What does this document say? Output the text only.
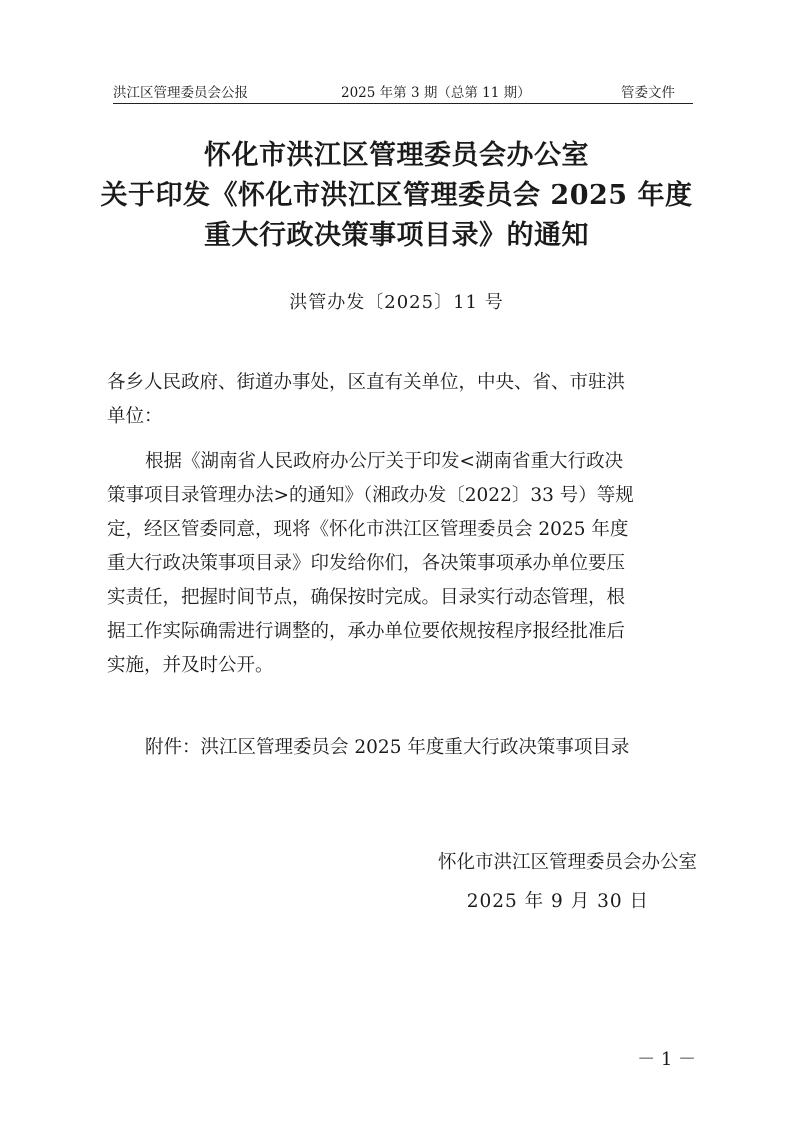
洪江区管理委员会公报	2025 年第 3 期（总第 11 期）	管委文件
怀化市洪江区管理委员会办公室
关于印发《怀化市洪江区管理委员会 2025 年度
重大行政决策事项目录》的通知
洪管办发〔2025〕11 号
各乡人民政府、街道办事处，区直有关单位，中央、省、市驻洪
单位：
根据《湖南省人民政府办公厅关于印发<湖南省重大行政决
策事项目录管理办法>的通知》（湘政办发〔2022〕33 号）等规
定，经区管委同意，现将《怀化市洪江区管理委员会 2025 年度
重大行政决策事项目录》印发给你们，各决策事项承办单位要压
实责任，把握时间节点，确保按时完成。目录实行动态管理，根
据工作实际确需进行调整的，承办单位要依规按程序报经批准后
实施，并及时公开。
附件：洪江区管理委员会 2025 年度重大行政决策事项目录
怀化市洪江区管理委员会办公室
2025 年 9 月 30 日
－ 1 －
